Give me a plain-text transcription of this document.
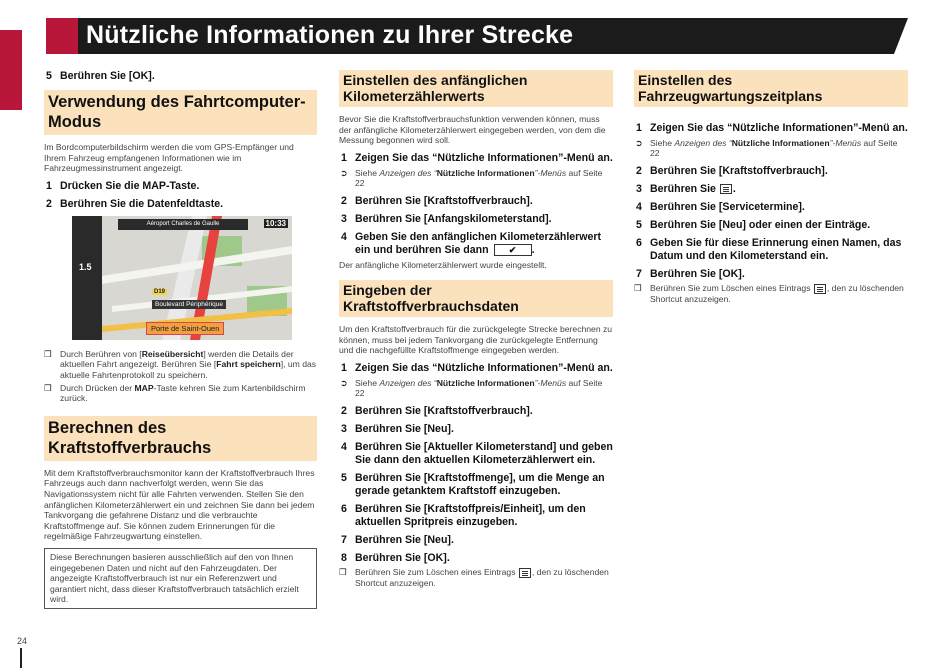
Nützliche Informationen zu Ihrer Strecke
5 Berühren Sie [OK].
Verwendung des Fahrtcomputer-Modus
Im Bordcomputerbildschirm werden die vom GPS-Empfänger und Ihrem Fahrzeug empfangenen Informationen wie im Fahrzeugmessinstrument angezeigt.
1 Drücken Sie die MAP-Taste.
2 Berühren Sie die Datenfeldtaste.
Aéroport Charles de Gaulle	10:33
1.5
D19
Boulevard Périphérique
Porte de Saint-Ouen
❒ Durch Berühren von [Reiseübersicht] werden die Details der aktuellen Fahrt angezeigt. Berühren Sie [Fahrt speichern], um das aktuelle Fahrtenprotokoll zu speichern.
❒ Durch Drücken der MAP-Taste kehren Sie zum Kartenbildschirm zurück.
Berechnen des Kraftstoffverbrauchs
Mit dem Kraftstoffverbrauchsmonitor kann der Kraftstoffverbrauch Ihres Fahrzeugs auch dann nachverfolgt werden, wenn Sie das Navigationssystem nicht für alle Fahrten verwenden. Stellen Sie den anfänglichen Kilometerzählerwert ein und zeichnen Sie dann bei jedem Tankvorgang die gefahrene Distanz und die verbrauchte Kraftstoffmenge auf. Sie können zudem Erinnerungen für die regelmäßige Fahrzeugwartung einstellen.
Diese Berechnungen basieren ausschließlich auf den von Ihnen eingegebenen Daten und nicht auf den Fahrzeugdaten. Der angezeigte Kraftstoffverbrauch ist nur ein Referenzwert und garantiert nicht, dass dieser Kraftstoffverbrauch tatsächlich erzielt wird.
Einstellen des anfänglichen Kilometerzählerwerts
Bevor Sie die Kraftstoffverbrauchsfunktion verwenden können, muss der anfängliche Kilometerzählerwert eingegeben werden, von dem die Messung begonnen wird soll.
1 Zeigen Sie das “Nützliche Informationen”-Menü an.
➲ Siehe Anzeigen des “Nützliche Informationen”-Menüs auf Seite 22
2 Berühren Sie [Kraftstoffverbrauch].
3 Berühren Sie [Anfangskilometerstand].
4 Geben Sie den anfänglichen Kilometerzählerwert ein und berühren Sie dann ✔ .
Der anfängliche Kilometerzählerwert wurde eingestellt.
Eingeben der Kraftstoffverbrauchsdaten
Um den Kraftstoffverbrauch für die zurückgelegte Strecke berechnen zu können, muss bei jedem Tankvorgang die zurückgelegte Entfernung und die nachgefüllte Kraftstoffmenge eingegeben werden.
1 Zeigen Sie das “Nützliche Informationen”-Menü an.
➲ Siehe Anzeigen des “Nützliche Informationen”-Menüs auf Seite 22
2 Berühren Sie [Kraftstoffverbrauch].
3 Berühren Sie [Neu].
4 Berühren Sie [Aktueller Kilometerstand] und geben Sie dann den aktuellen Kilometerzählerwert ein.
5 Berühren Sie [Kraftstoffmenge], um die Menge an gerade getanktem Kraftstoff einzugeben.
6 Berühren Sie [Kraftstoffpreis/Einheit], um den aktuellen Spritpreis einzugeben.
7 Berühren Sie [Neu].
8 Berühren Sie [OK].
❒ Berühren Sie zum Löschen eines Eintrags , den zu löschenden Shortcut anzuzeigen.
Einstellen des Fahrzeugwartungszeitplans
1 Zeigen Sie das “Nützliche Informationen”-Menü an.
➲ Siehe Anzeigen des “Nützliche Informationen”-Menüs auf Seite 22
2 Berühren Sie [Kraftstoffverbrauch].
3 Berühren Sie .
4 Berühren Sie [Servicetermine].
5 Berühren Sie [Neu] oder einen der Einträge.
6 Geben Sie für diese Erinnerung einen Namen, das Datum und den Kilometerstand ein.
7 Berühren Sie [OK].
❒ Berühren Sie zum Löschen eines Eintrags , den zu löschenden Shortcut anzuzeigen.
24
